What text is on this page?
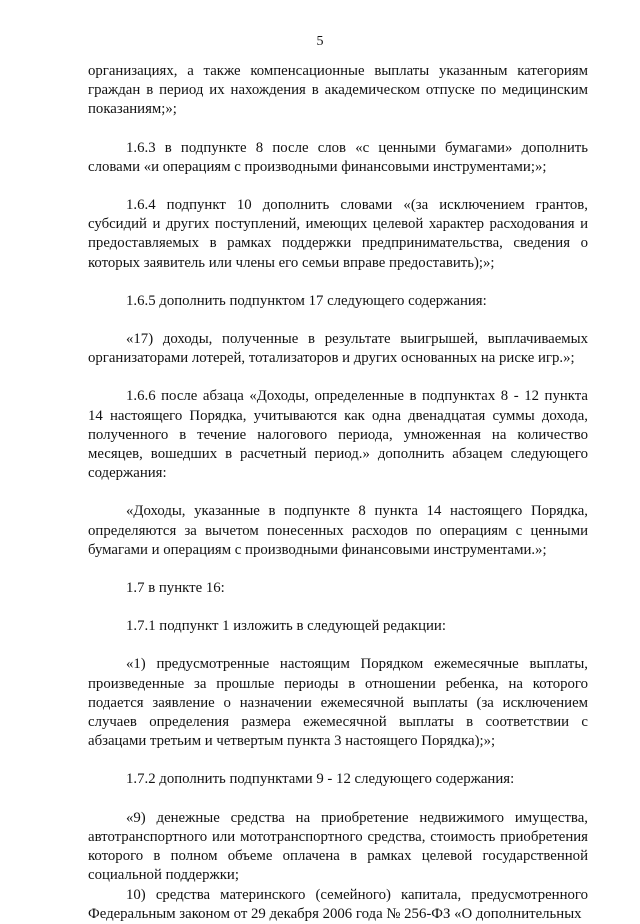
5

организациях, а также компенсационные выплаты указанным категориям граждан в период их нахождения в академическом отпуске по медицинским показаниям;»;

1.6.3 в подпункте 8 после слов «с ценными бумагами» дополнить словами «и операциям с производными финансовыми инструментами;»;

1.6.4 подпункт 10 дополнить словами «(за исключением грантов, субсидий и других поступлений, имеющих целевой характер расходования и предоставляемых в рамках поддержки предпринимательства, сведения о которых заявитель или члены его семьи вправе предоставить);»;

1.6.5 дополнить подпунктом 17 следующего содержания:

«17) доходы, полученные в результате выигрышей, выплачиваемых организаторами лотерей, тотализаторов и других основанных на риске игр.»;

1.6.6 после абзаца «Доходы, определенные в подпунктах 8 - 12 пункта 14 настоящего Порядка, учитываются как одна двенадцатая суммы дохода, полученного в течение налогового периода, умноженная на количество месяцев, вошедших в расчетный период.» дополнить абзацем следующего содержания:

«Доходы, указанные в подпункте 8 пункта 14 настоящего Порядка, определяются за вычетом понесенных расходов по операциям с ценными бумагами и операциям с производными финансовыми инструментами.»;

1.7 в пункте 16:

1.7.1 подпункт 1 изложить в следующей редакции:

«1) предусмотренные настоящим Порядком ежемесячные выплаты, произведенные за прошлые периоды в отношении ребенка, на которого подается заявление о назначении ежемесячной выплаты (за исключением случаев определения размера ежемесячной выплаты в соответствии с абзацами третьим и четвертым пункта 3 настоящего Порядка);»;

1.7.2 дополнить подпунктами 9 - 12 следующего содержания:

«9) денежные средства на приобретение недвижимого имущества, автотранспортного или мототранспортного средства, стоимость приобретения которого в полном объеме оплачена в рамках целевой государственной социальной поддержки;

10) средства материнского (семейного) капитала, предусмотренного Федеральным законом от 29 декабря 2006 года № 256-ФЗ «О дополнительных
